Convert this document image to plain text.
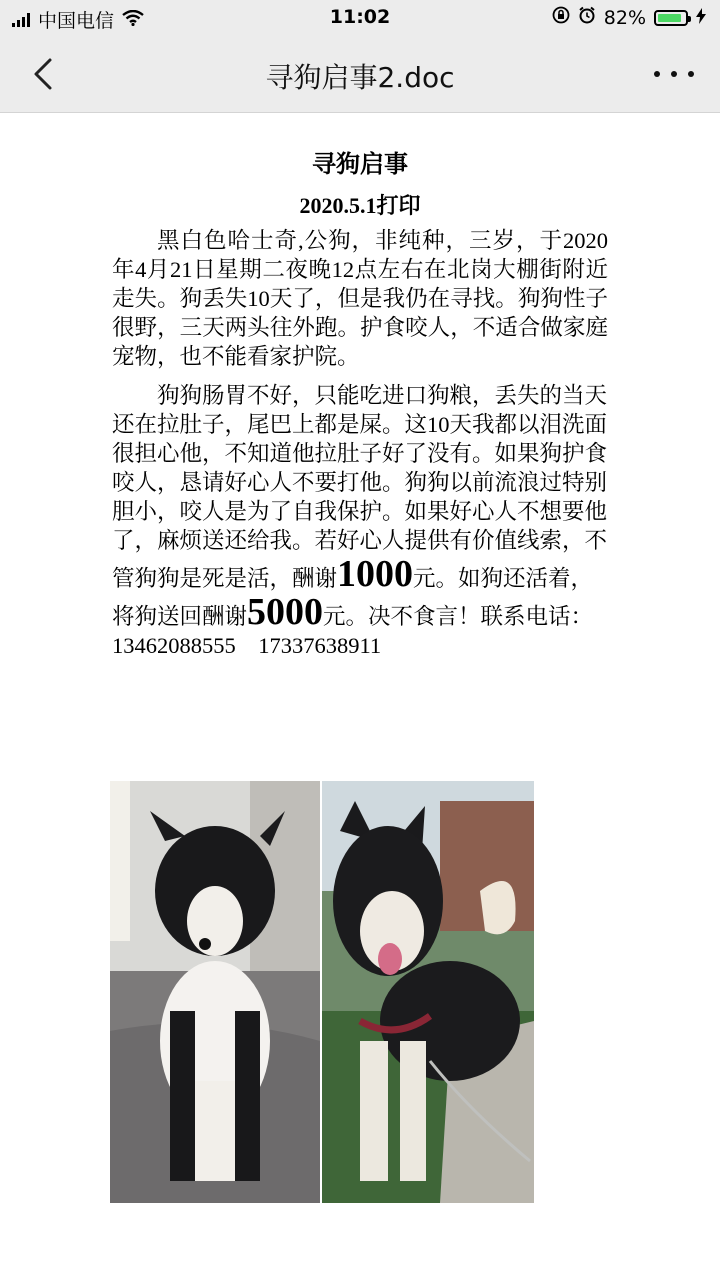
中国电信	11:02	82%
寻狗启事2.doc
寻狗启事
2020.5.1打印

黑白色哈士奇,公狗，非纯种，三岁，于2020年4月21日星期二夜晚12点左右在北岗大棚街附近走失。狗丢失10天了，但是我仍在寻找。狗狗性子很野，三天两头往外跑。护食咬人，不适合做家庭宠物，也不能看家护院。

狗狗肠胃不好，只能吃进口狗粮，丢失的当天还在拉肚子，尾巴上都是屎。这10天我都以泪洗面很担心他，不知道他拉肚子好了没有。如果狗护食咬人，恳请好心人不要打他。狗狗以前流浪过特别胆小，咬人是为了自我保护。如果好心人不想要他了，麻烦送还给我。若好心人提供有价值线索，不管狗狗是死是活，酬谢1000元。如狗还活着，将狗送回酬谢5000元。决不食言！联系电话：13462088555　17337638911
